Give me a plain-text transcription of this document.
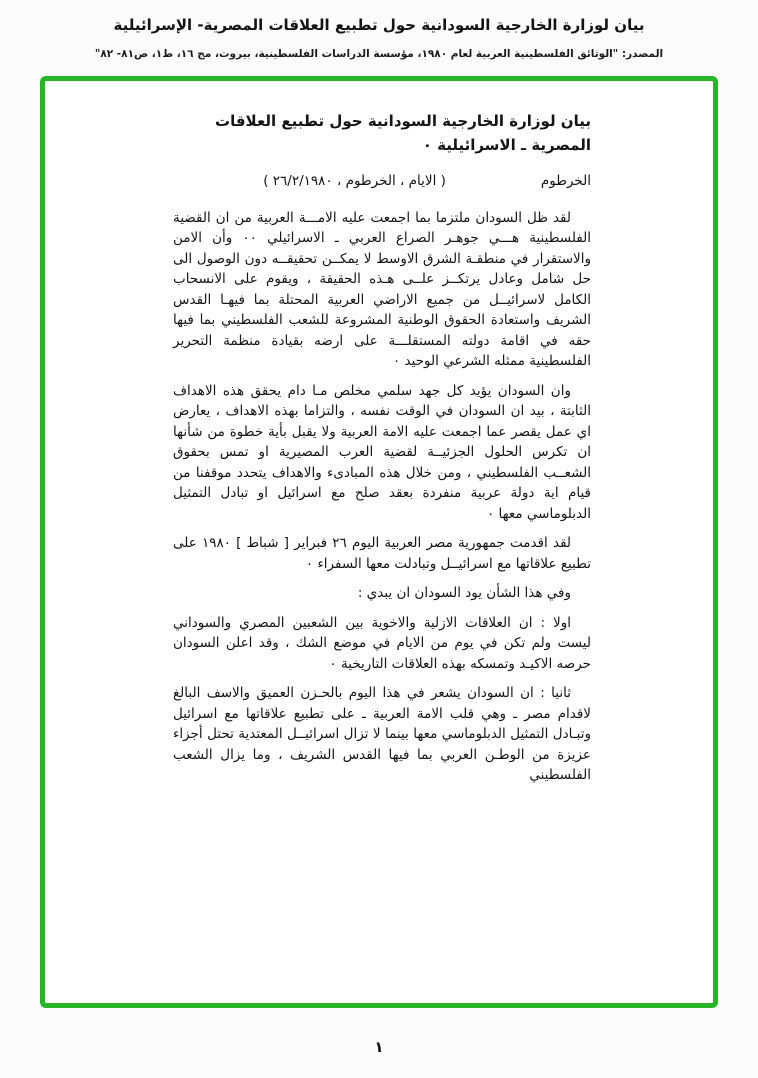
بيان لوزارة الخارجية السودانية حول تطبيع العلاقات المصرية- الإسرائيلية
المصدر: "الوثائق الفلسطينية العربية لعام ١٩٨٠، مؤسسة الدراسات الفلسطينية، بيروت، مج ١٦، ط١، ص٨١- ٨٢"
بيان لوزارة الخارجية السودانية حول تطبيع العلاقات المصرية ـ الاسرائيلية ٠
الخرطوم
( الايام ، الخرطوم ، ٢٦/٢/١٩٨٠ )

لقد ظل السودان ملتزما بما اجمعت عليه الامـــة العربية من ان القضية الفلسطينية هـــي جوهـر الصراع العربي ـ الاسرائيلي ٠٠ وأن الامن والاستقرار في منطقـة الشرق الاوسط لا يمكــن تحقيقــه دون الوصول الى حل شامل وعادل يرتكــز علــى هـذه الحقيقة ، ويقوم على الانسحاب الكامل لاسرائيــل من جميع الاراضي العربية المحتلة بما فيهـا القدس الشريف واستعادة الحقوق الوطنية المشروعة للشعب الفلسطيني بما فيها حقه في اقامة دولته المستقلـــة على ارضه بقيادة منظمة التحرير الفلسطينية ممثله الشرعي الوحيد ٠

وان السودان يؤيد كل جهد سلمي مخلص مـا دام يحقق هذه الاهداف الثابتة ، بيد ان السودان في الوقت نفسه ، والتزاما بهذه الاهداف ، يعارض اي عمل يقصر عما اجمعت عليه الامة العربية ولا يقبل بأية خطوة من شأنها ان تكرس الحلول الجزئيــة لقضية العرب المصيرية او تمس بحقوق الشعــب الفلسطيني ، ومن خلال هذه المبادىء والاهداف يتحدد موقفنا من قيام اية دولة عربية منفردة بعقد صلح مع اسرائيل او تبادل التمثيل الدبلوماسي معها ٠

لقد اقدمت جمهورية مصر العربية اليوم ٢٦ فبراير [ شباط ] ١٩٨٠ على تطبيع علاقاتها مع اسرائيــل وتبادلت معها السفراء ٠

وفي هذا الشأن يود السودان ان يبدي :

اولا : ان العلاقات الازلية والاخوية بين الشعبين المصري والسوداني ليست ولم تكن في يوم من الايام في موضع الشك ، وقد اعلن السودان حرصه الاكيـد وتمسكه بهذه العلاقات التاريخية ٠

ثانيا : ان السودان يشعر في هذا اليوم بالحـزن العميق والاسف البالغ لاقدام مصر ـ وهي قلب الامة العربية ـ على تطبيع علاقاتها مع اسرائيل وتبـادل التمثيل الدبلوماسي معها بينما لا تزال اسرائيــل المعتدية تحتل أجزاء عزيزة من الوطـن العربي بما فيها القدس الشريف ، وما يزال الشعب الفلسطيني

١
